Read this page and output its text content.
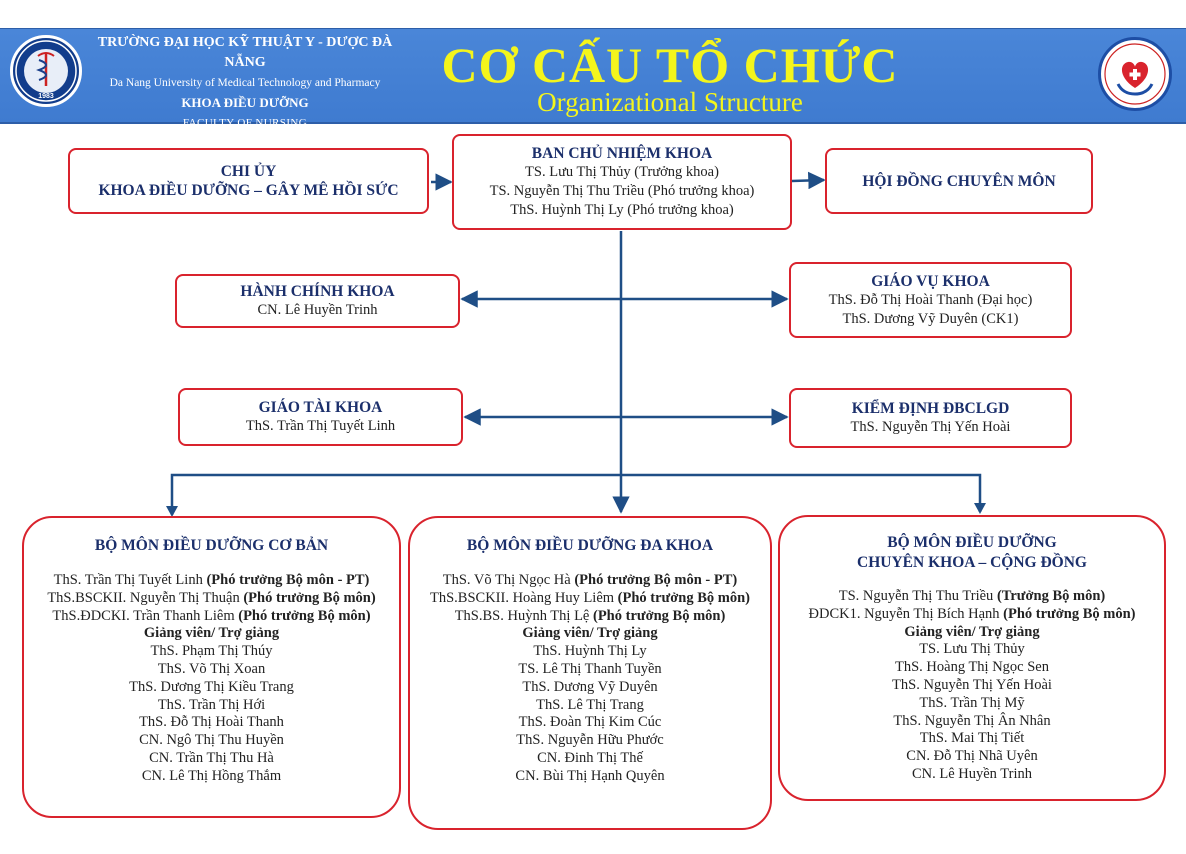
1983
TRƯỜNG ĐẠI HỌC KỸ THUẬT Y - DƯỢC ĐÀ NẴNG
Da Nang University of Medical Technology and Pharmacy
KHOA ĐIỀU DƯỠNG
FACULTY OF NURSING
CƠ CẤU TỔ CHỨC
Organizational Structure
CHI ỦY
KHOA ĐIỀU DƯỠNG – GÂY MÊ HỒI SỨC
BAN CHỦ NHIỆM KHOA
TS. Lưu Thị Thủy (Trưởng khoa)
TS. Nguyễn Thị Thu Triều (Phó trưởng khoa)
ThS. Huỳnh Thị Ly (Phó trưởng khoa)
HỘI ĐỒNG CHUYÊN MÔN
HÀNH CHÍNH KHOA
CN. Lê Huyền Trinh
GIÁO VỤ KHOA
ThS. Đỗ Thị Hoài Thanh (Đại học)
ThS. Dương Vỹ Duyên (CK1)
GIÁO TÀI KHOA
ThS. Trần Thị Tuyết Linh
KIỂM ĐỊNH ĐBCLGD
ThS. Nguyễn Thị Yến Hoài
BỘ MÔN ĐIỀU DƯỠNG CƠ BẢN
ThS. Trần Thị Tuyết Linh (Phó trưởng Bộ môn - PT)
ThS.BSCKII. Nguyễn Thị Thuận (Phó trưởng Bộ môn)
ThS.ĐDCKI. Trần Thanh Liêm (Phó trưởng Bộ môn)
Giảng viên/ Trợ giảng
ThS. Phạm Thị Thúy
ThS. Võ Thị Xoan
ThS. Dương Thị Kiều Trang
ThS. Trần Thị Hới
ThS. Đỗ Thị Hoài Thanh
CN. Ngô Thị Thu Huyền
CN. Trần Thị Thu Hà
CN. Lê Thị Hồng Thắm
BỘ MÔN ĐIỀU DƯỠNG ĐA KHOA
ThS. Võ Thị Ngọc Hà (Phó trưởng Bộ môn - PT)
ThS.BSCKII. Hoàng Huy Liêm (Phó trưởng Bộ môn)
ThS.BS. Huỳnh Thị Lệ (Phó trưởng Bộ môn)
Giảng viên/ Trợ giảng
ThS. Huỳnh Thị Ly
TS. Lê Thị Thanh Tuyền
ThS. Dương Vỹ Duyên
ThS. Lê Thị Trang
ThS. Đoàn Thị Kim Cúc
ThS. Nguyễn Hữu Phước
CN. Đinh Thị Thế
CN. Bùi Thị Hạnh Quyên
BỘ MÔN ĐIỀU DƯỠNG
CHUYÊN KHOA – CỘNG ĐỒNG
TS. Nguyễn Thị Thu Triều (Trưởng Bộ môn)
ĐDCK1. Nguyễn Thị Bích Hạnh (Phó trưởng Bộ môn)
Giảng viên/ Trợ giảng
TS. Lưu Thị Thủy
ThS. Hoàng Thị Ngọc Sen
ThS. Nguyễn Thị Yến Hoài
ThS. Trần Thị Mỹ
ThS. Nguyễn Thị Ân Nhân
ThS. Mai Thị Tiết
CN. Đỗ Thị Nhã Uyên
CN. Lê Huyền Trinh
